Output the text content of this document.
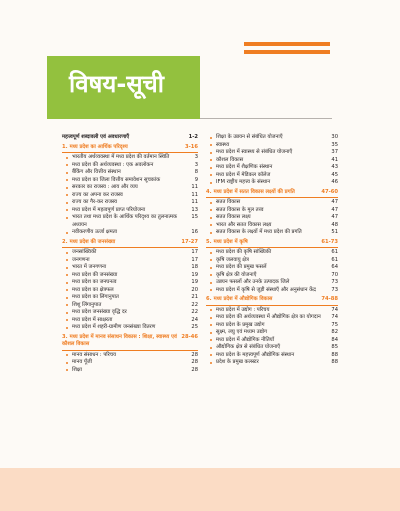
विषय-सूची
महत्त्वपूर्ण शब्दावली एवं अवधारणाएँ	1-2
1. मध्य प्रदेश का आर्थिक परिदृश्य	3-16
भारतीय अर्थव्यवस्था में मध्य प्रदेश की वर्तमान स्थिति	3
मध्य प्रदेश की अर्थव्यवस्था : एक अवलोकन	3
बैंकिंग और वित्तीय संस्थान	8
मध्य प्रदेश का जिला वित्तीय समावेशन सूचकांक	9
सरकार का राजस्व : आय और व्यय	11
राज्य का अपना कर राजस्व	11
राज्य का गैर-कर राजस्व	11
मध्य प्रदेश में महत्वपूर्ण प्राप्त परियोजना	13
भारत तथा मध्य प्रदेश के आर्थिक परिदृश्य का तुलनात्मक अध्ययन
15
नवीकरणीय ऊर्जा क्षमता	16
2. मध्य प्रदेश की जनसंख्या	17-27
जनसांख्यिकी	17
जनगणना	17
भारत में जनगणना	18
मध्य प्रदेश की जनसंख्या	19
मध्य प्रदेश का जनघनत्व	19
मध्य प्रदेश का क्षेत्रफल	20
मध्य प्रदेश का लिंगानुपात	21
शिशु लिंगानुपात	22
मध्य प्रदेश जनसंख्या वृद्धि दर	22
मध्य प्रदेश में साक्षरता	24
मध्य प्रदेश में शहरी-ग्रामीण जनसंख्या वितरण	25
3. मध्य प्रदेश में मानव संसाधन विकास : शिक्षा, स्वास्थ्य एवं कौशल विकास
28-46
मानव संसाधन : परिचय	28
मानव पूँजी	28
शिक्षा	28
शिक्षा के उन्नयन से संबंधित योजनाएँ	30
स्वास्थ्य	35
मध्य प्रदेश में स्वास्थ्य से संबंधित योजनाएँ	37
कौशल विकास	41
मध्य प्रदेश में शैक्षणिक संस्थान	43
मध्य प्रदेश में मेडिकल कॉलेज	45
IFM राष्ट्रीय महत्त्व के संस्थान	46
4. मध्य प्रदेश में सतत विकास लक्ष्यों की प्रगति	47-60
सतत विकास	47
सतत विकास के मूल तत्त्व	47
सतत विकास लक्ष्य	47
भारत और सतत विकास लक्ष्य	48
सतत विकास के लक्ष्यों में मध्य प्रदेश की प्रगति	51
5. मध्य प्रदेश में कृषि	61-73
मध्य प्रदेश की कृषि सांख्यिकी	61
कृषि जलवायु क्षेत्र	61
मध्य प्रदेश की प्रमुख फसलें	64
कृषि क्षेत्र की योजनाएँ	70
उन्नयन फसलों और उनके उत्पादक जिले	73
मध्य प्रदेश में कृषि से जुड़ी संस्थाएँ और अनुसंधान केंद्र	73
6. मध्य प्रदेश में औद्योगिक विकास	74-88
मध्य प्रदेश में उद्योग : परिचय	74
मध्य प्रदेश की अर्थव्यवस्था में औद्योगिक क्षेत्र का योगदान	74
मध्य प्रदेश के प्रमुख उद्योग	75
सूक्ष्म, लघु एवं मध्यम उद्योग	82
मध्य प्रदेश में औद्योगिक नीतियाँ	84
औद्योगिक क्षेत्र से संबंधित योजनाएँ	85
मध्य प्रदेश के महत्त्वपूर्ण औद्योगिक संस्थान	88
प्रदेश के प्रमुख कलस्टर	88
